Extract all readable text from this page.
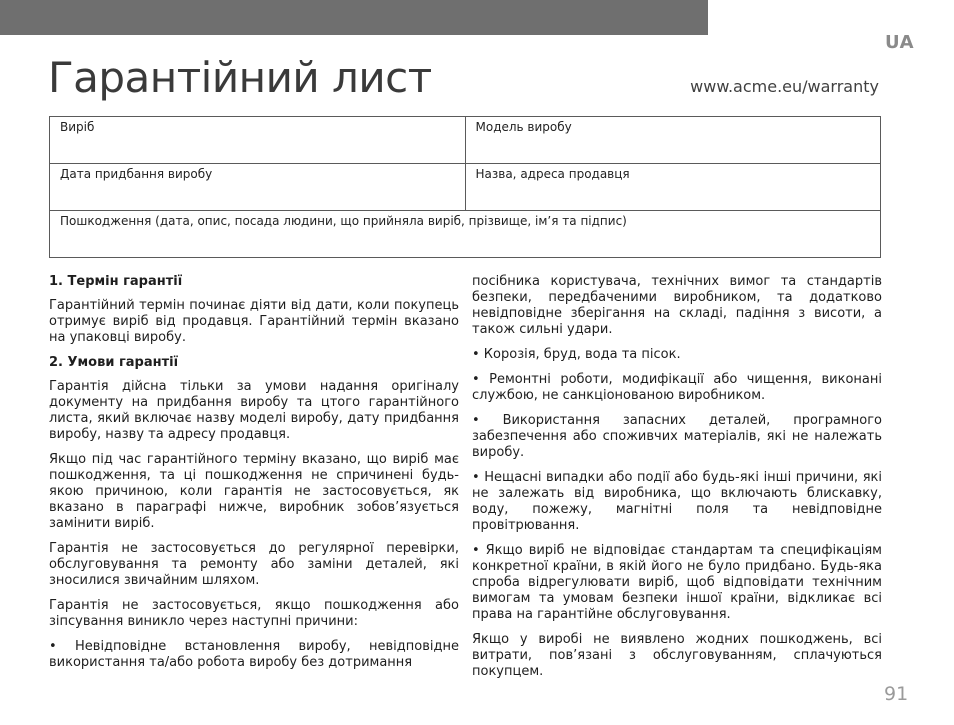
UA
Гарантійний лист	www.acme.eu/warranty
Виріб	Модель виробу
Дата придбання виробу	Назва, адреса продавця
Пошкодження (дата, опис, посада людини, що прийняла виріб, прізвище, ім’я та підпис)	
1. Термін гарантії

Гарантійний термін починає діяти від дати, коли покупець отримує виріб від продавця. Гарантійний термін вказано на упаковці виробу.

2. Умови гарантії

Гарантія дійсна тільки за умови надання оригіналу документу на придбання виробу та цтого гарантійного листа, який включає назву моделі виробу, дату придбання виробу, назву та адресу продавця.

Якщо під час гарантійного терміну вказано, що виріб має пошкодження, та ці пошкодження не спричинені будь-якою причиною, коли гарантія не застосовується, як вказано в параграфі нижче, виробник зобов’язується замінити виріб.

Гарантія не застосовується до регулярної перевірки, обслуговування та ремонту або заміни деталей, які зносилися звичайним шляхом.

Гарантія не застосовується, якщо пошкодження або зіпсування виникло через наступні причини:

• Невідповідне встановлення виробу, невідповідне використання та/або робота виробу без дотримання

посібника користувача, технічних вимог та стандартів безпеки, передбаченими виробником, та додатково невідповідне зберігання на складі, падіння з висоти, а також сильні удари.

• Корозія, бруд, вода та пісок.

• Ремонтні роботи, модифікації або чищення, виконані службою, не санкціонованою виробником.

• Використання запасних деталей, програмного забезпечення або споживчих матеріалів, які не належать виробу.

• Нещасні випадки або події або будь-які інші причини, які не залежать від виробника, що включають блискавку, воду, пожежу, магнітні поля та невідповідне провітрювання.

• Якщо виріб не відповідає стандартам та специфікаціям конкретної країни, в якій його не було придбано. Будь-яка спроба відрегулювати виріб, щоб відповідати технічним вимогам та умовам безпеки іншої країни, відкликає всі права на гарантійне обслуговування.

Якщо у виробі не виявлено жодних пошкоджень, всі витрати, пов’язані з обслуговуванням, сплачуються покупцем.

91
